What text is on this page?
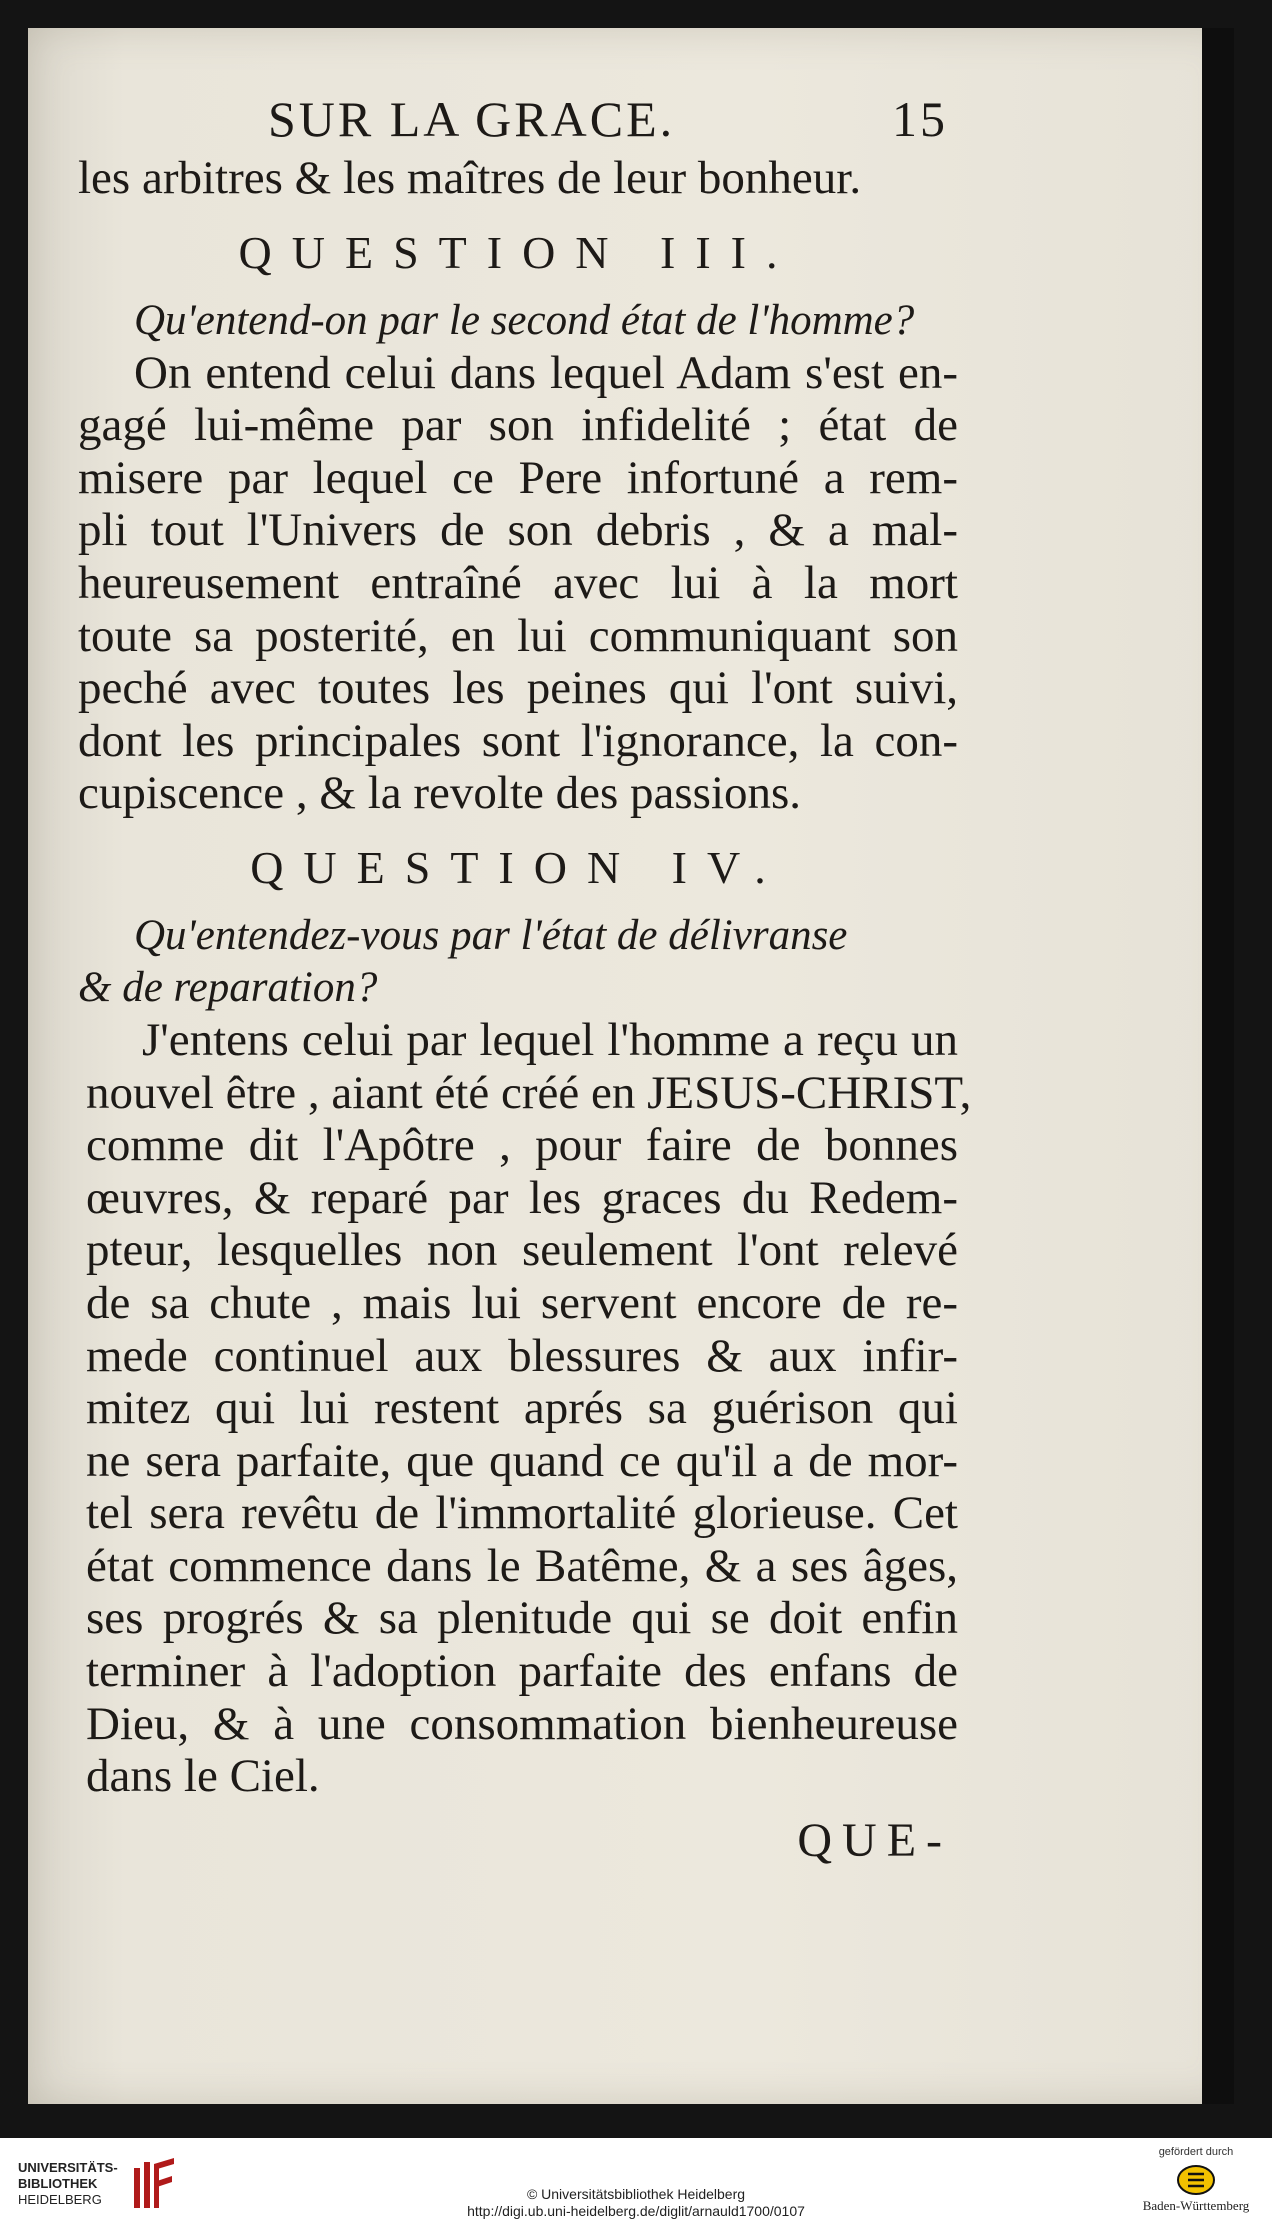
SUR LA GRACE.	15
les arbitres & les maîtres de leur bonheur.
QUESTION III.
Qu'entend-on par le second état de l'homme?
On entend celui dans lequel Adam s'est en-
gagé lui-même par son infidelité ; état de
misere par lequel ce Pere infortuné a rem-
pli tout l'Univers de son debris , & a mal-
heureusement entraîné avec lui à la mort
toute sa posterité, en lui communiquant son
peché avec toutes les peines qui l'ont suivi,
dont les principales sont l'ignorance, la con-
cupiscence , & la revolte des passions.
QUESTION IV.
Qu'entendez-vous par l'état de délivranse
& de reparation?
J'entens celui par lequel l'homme a reçu un
nouvel être , aiant été créé en JESUS-CHRIST,
comme dit l'Apôtre , pour faire de bonnes
œuvres, & reparé par les graces du Redem-
pteur, lesquelles non seulement l'ont relevé
de sa chute , mais lui servent encore de re-
mede continuel aux blessures & aux infir-
mitez qui lui restent aprés sa guérison qui
ne sera parfaite, que quand ce qu'il a de mor-
tel sera revêtu de l'immortalité glorieuse. Cet
état commence dans le Batême, & a ses âges,
ses progrés & sa plenitude qui se doit enfin
terminer à l'adoption parfaite des enfans de
Dieu, & à une consommation bienheureuse
dans le Ciel.
QUE-
UNIVERSITÄTS-
BIBLIOTHEK
HEIDELBERG	© Universitätsbibliothek Heidelberg
http://digi.ub.uni-heidelberg.de/diglit/arnauld1700/0107
gefördert durch
Baden-Württemberg
